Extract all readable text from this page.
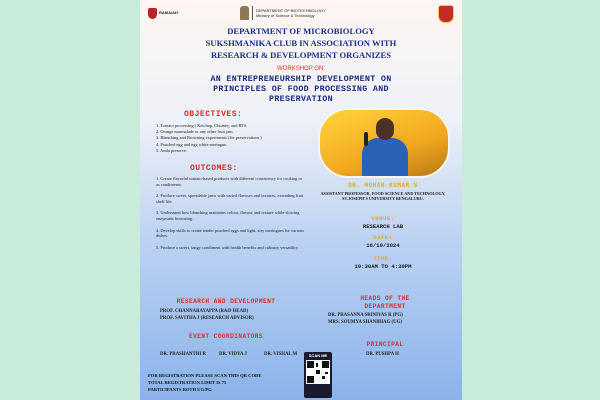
RAMAIAH	DEPARTMENT OF BIOTECHNOLOGY
Ministry of Science & Technology
DEPARTMENT OF MICROBIOLOGY
SUKSHMANIKA CLUB IN ASSOCIATION WITH
RESEARCH & DEVELOPMENT ORGANIZES
WORKSHOP ON:
AN ENTREPRENEURSHIP DEVELOPMENT ON
PRINCIPLES OF FOOD PROCESSING AND
PRESERVATION
OBJECTIVES:
1. Tomato processing ( Ketchup, Chutney, and RTS.
2. Orange marmalade or any other fruit jam.
3. Blanching and Browning experiments (for preservations )
4. Poached egg and egg white meringue.
5. Amla preserve.
OUTCOMES:

1. Create flavorful tomato-based products with different consistency for cooking or as condiments.

2. Produce sweet, spreadable jams with varied flavours and textures, extending fruit shelf life.

3. Understand how blanching maintains colour, flavour and texture while slowing enzymatic browning.

4. Develop skills to create tender poached eggs and light, airy meringues for various dishes.

5. Produce a sweet, tangy condiment with health benefits and culinary versatility.

DR. MOHAN KUMAR S
ASSISTANT PROFESSOR, FOOD SCIENCE AND TECHNOLOGY, ST.JOSEPH'S UNIVERSITY BENGALURU.
VENUE:
RESEARCH LAB
DATE:
16/10/2024
TIME:
10:30AM TO 4:30PM
RESEARCH AND DEVELOPMENT
PROF. CHANNARAYAPPA (R&D HEAD)
PROF. SAVITHA J (RESEARCH ADVISOR)
HEADS OF THE
DEPARTMENT
DR. PRASANNA SRINIVAS R (PG)
MRS. SOUMYA SHANBHAG (UG)
EVENT COORDINATORS
DR. PRASHANTHI R	DR. VIDYA J	DR. VISHAL M
PRINCIPAL
DR. PUSHPA H
FOR REGISTRATION PLEASE SCAN THIS QR CODE
TOTAL REGISTRATION LIMIT IS 75
PARTICIPANTS BOTH UG/PG
SCAN ME
